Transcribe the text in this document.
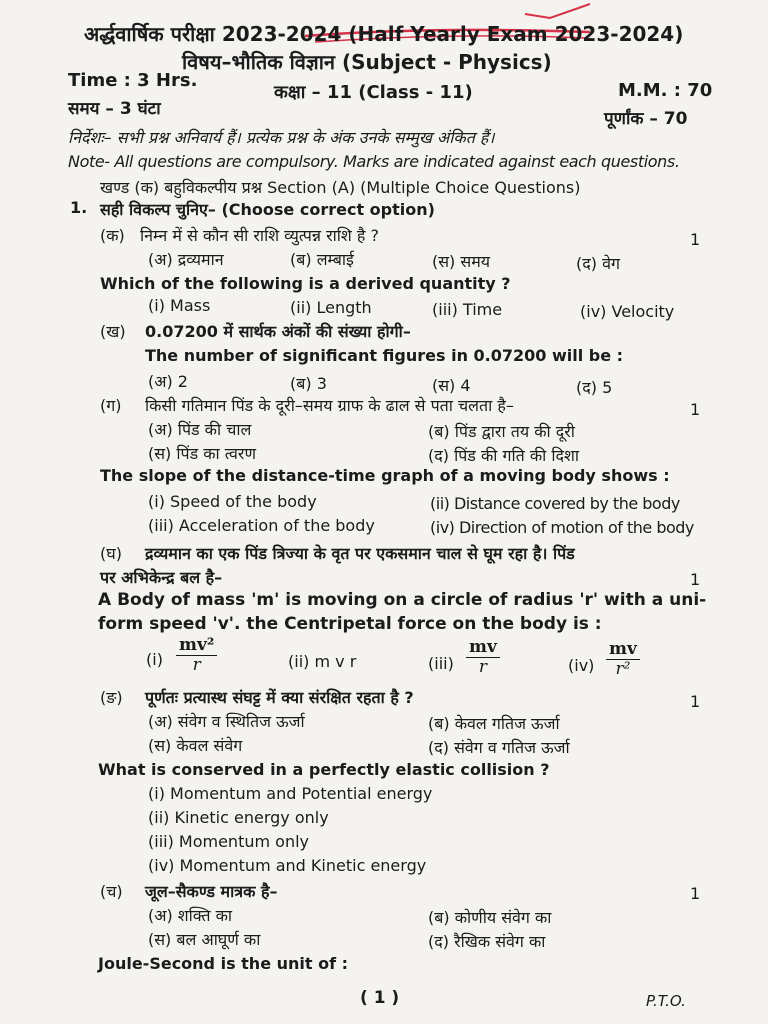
अर्द्धवार्षिक परीक्षा 2023-2024 (Half Yearly Exam 2023-2024)
विषय–भौतिक विज्ञान (Subject - Physics)
Time : 3 Hrs.
कक्षा – 11 (Class - 11)	M.M. : 70
समय – 3 घंटा	पूर्णांक – 70
निर्देशः– सभी प्रश्न अनिवार्य हैं। प्रत्येक प्रश्न के अंक उनके सम्मुख अंकित हैं।
Note- All questions are compulsory. Marks are indicated against each questions.
खण्ड (क) बहुविकल्पीय प्रश्न Section (A) (Multiple Choice Questions)
1. सही विकल्प चुनिए– (Choose correct option)
(क) निम्न में से कौन सी राशि व्युत्पन्न राशि है ?	1
(अ) द्रव्यमान	(ब) लम्बाई	(स) समय	(द) वेग
Which of the following is a derived quantity ?
(i) Mass	(ii) Length	(iii) Time	(iv) Velocity
(ख) 0.07200 में सार्थक अंकों की संख्या होगी–
The number of significant figures in 0.07200 will be :
(अ) 2	(ब) 3	(स) 4	(द) 5
(ग) किसी गतिमान पिंड के दूरी–समय ग्राफ के ढाल से पता चलता है–	1
(अ) पिंड की चाल	(ब) पिंड द्वारा तय की दूरी
(स) पिंड का त्वरण	(द) पिंड की गति की दिशा
The slope of the distance-time graph of a moving body shows :
(i) Speed of the body	(ii) Distance covered by the body
(iii) Acceleration of the body	(iv) Direction of motion of the body
(घ) द्रव्यमान का एक पिंड त्रिज्या के वृत पर एकसमान चाल से घूम रहा है। पिंड
पर अभिकेन्द्र बल है–	1
A Body of mass 'm' is moving on a circle of radius 'r' with a uni-
form speed 'v'. the Centripetal force on the body is :
$(i) \frac{\text{mv²}}{r}$	(ii) m v r	$(iii) \frac{mv}{r}$	$(iv) \frac{mv}{\text{r²}}$
(ङ) पूर्णतः प्रत्यास्थ संघट्ट में क्या संरक्षित रहता है ?	1
(अ) संवेग व स्थितिज ऊर्जा	(ब) केवल गतिज ऊर्जा
(स) केवल संवेग	(द) संवेग व गतिज ऊर्जा
What is conserved in a perfectly elastic collision ?
(i) Momentum and Potential energy
(ii) Kinetic energy only
(iii) Momentum only
(iv) Momentum and Kinetic energy
(च) जूल–सैकण्ड मात्रक है–	1
(अ) शक्ति का	(ब) कोणीय संवेग का
(स) बल आघूर्ण का	(द) रैखिक संवेग का
Joule-Second is the unit of :
( 1 )	P.T.O.
